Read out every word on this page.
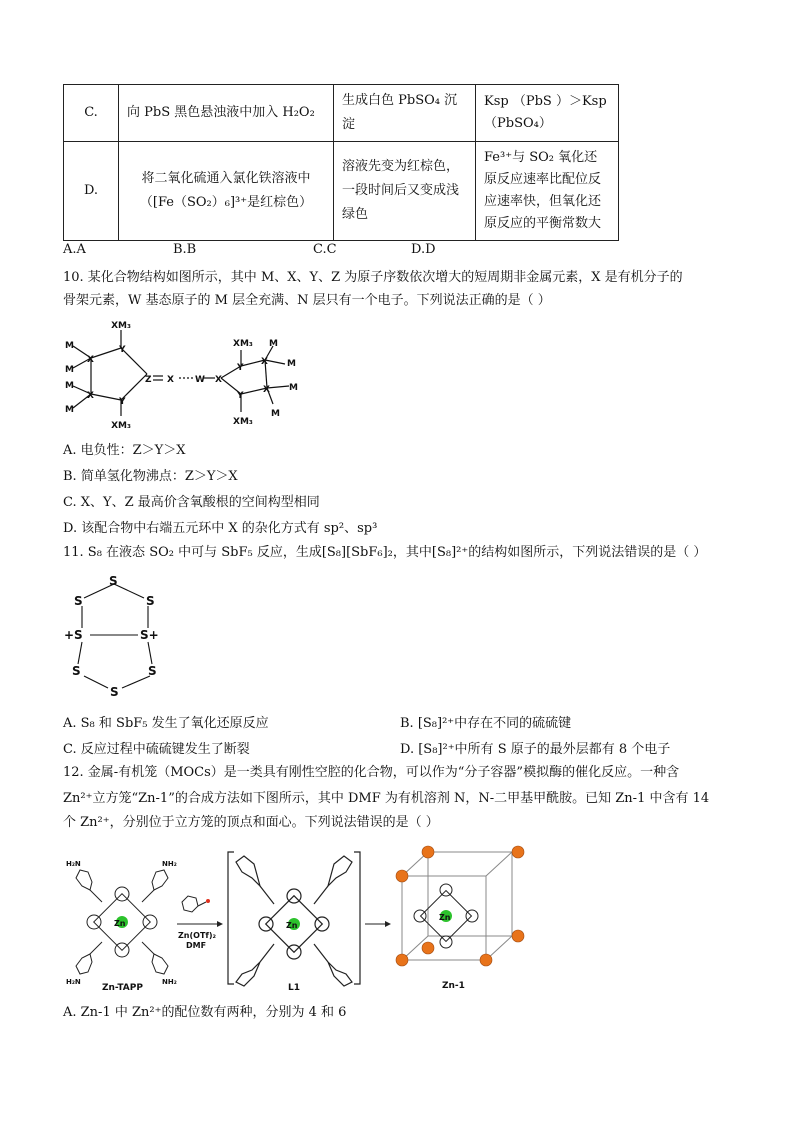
C.	向 PbS 黑色悬浊液中加入 H₂O₂	生成白色 PbSO₄ 沉淀	Ksp （PbS ）＞Ksp （PbSO₄）
D.	将二氧化硫通入氯化铁溶液中（[Fe（SO₂）₆]³⁺是红棕色）	溶液先变为红棕色，一段时间后又变成浅绿色	Fe³⁺与 SO₂ 氧化还原反应速率比配位反应速率快，但氧化还原反应的平衡常数大
A.A	B.B	C.C	D.D
10. 某化合物结构如图所示，其中 M、X、Y、Z 为原子序数依次增大的短周期非金属元素，X 是有机分子的
骨架元素，W 基态原子的 M 层全充满、N 层只有一个电子。下列说法正确的是（ ）
XM₃
Y
X
X
Y
XM₃
M
M
M
M
Z X W X
Y
XM₃
X
X
Y
XM₃
M
M
M
M
A. 电负性：Z＞Y＞X
B. 简单氢化物沸点：Z＞Y＞X
C. X、Y、Z 最高价含氧酸根的空间构型相同
D. 该配合物中右端五元环中 X 的杂化方式有 sp²、sp³
11. S₈ 在液态 SO₂ 中可与 SbF₅ 反应，生成[S₈][SbF₆]₂，其中[S₈]²⁺的结构如图所示，下列说法错误的是（ ）
S
S	S
+S	S+
S	S
S
A. S₈ 和 SbF₅ 发生了氧化还原反应	B. [S₈]²⁺中存在不同的硫硫键
C. 反应过程中硫硫键发生了断裂	D. [S₈]²⁺中所有 S 原子的最外层都有 8 个电子
12. 金属-有机笼（MOCs）是一类具有刚性空腔的化合物，可以作为“分子容器”模拟酶的催化反应。一种含
Zn²⁺立方笼“Zn-1”的合成方法如下图所示，其中 DMF 为有机溶剂 N，N-二甲基甲酰胺。已知 Zn-1 中含有 14
个 Zn²⁺，分别位于立方笼的顶点和面心。下列说法错误的是（ ）
Zn
H₂N	NH₂
H₂N	NH₂
Zn-TAPP
Zn(OTf)₂
DMF
Zn
L1
Zn
Zn-1
A. Zn-1 中 Zn²⁺的配位数有两种，分别为 4 和 6
